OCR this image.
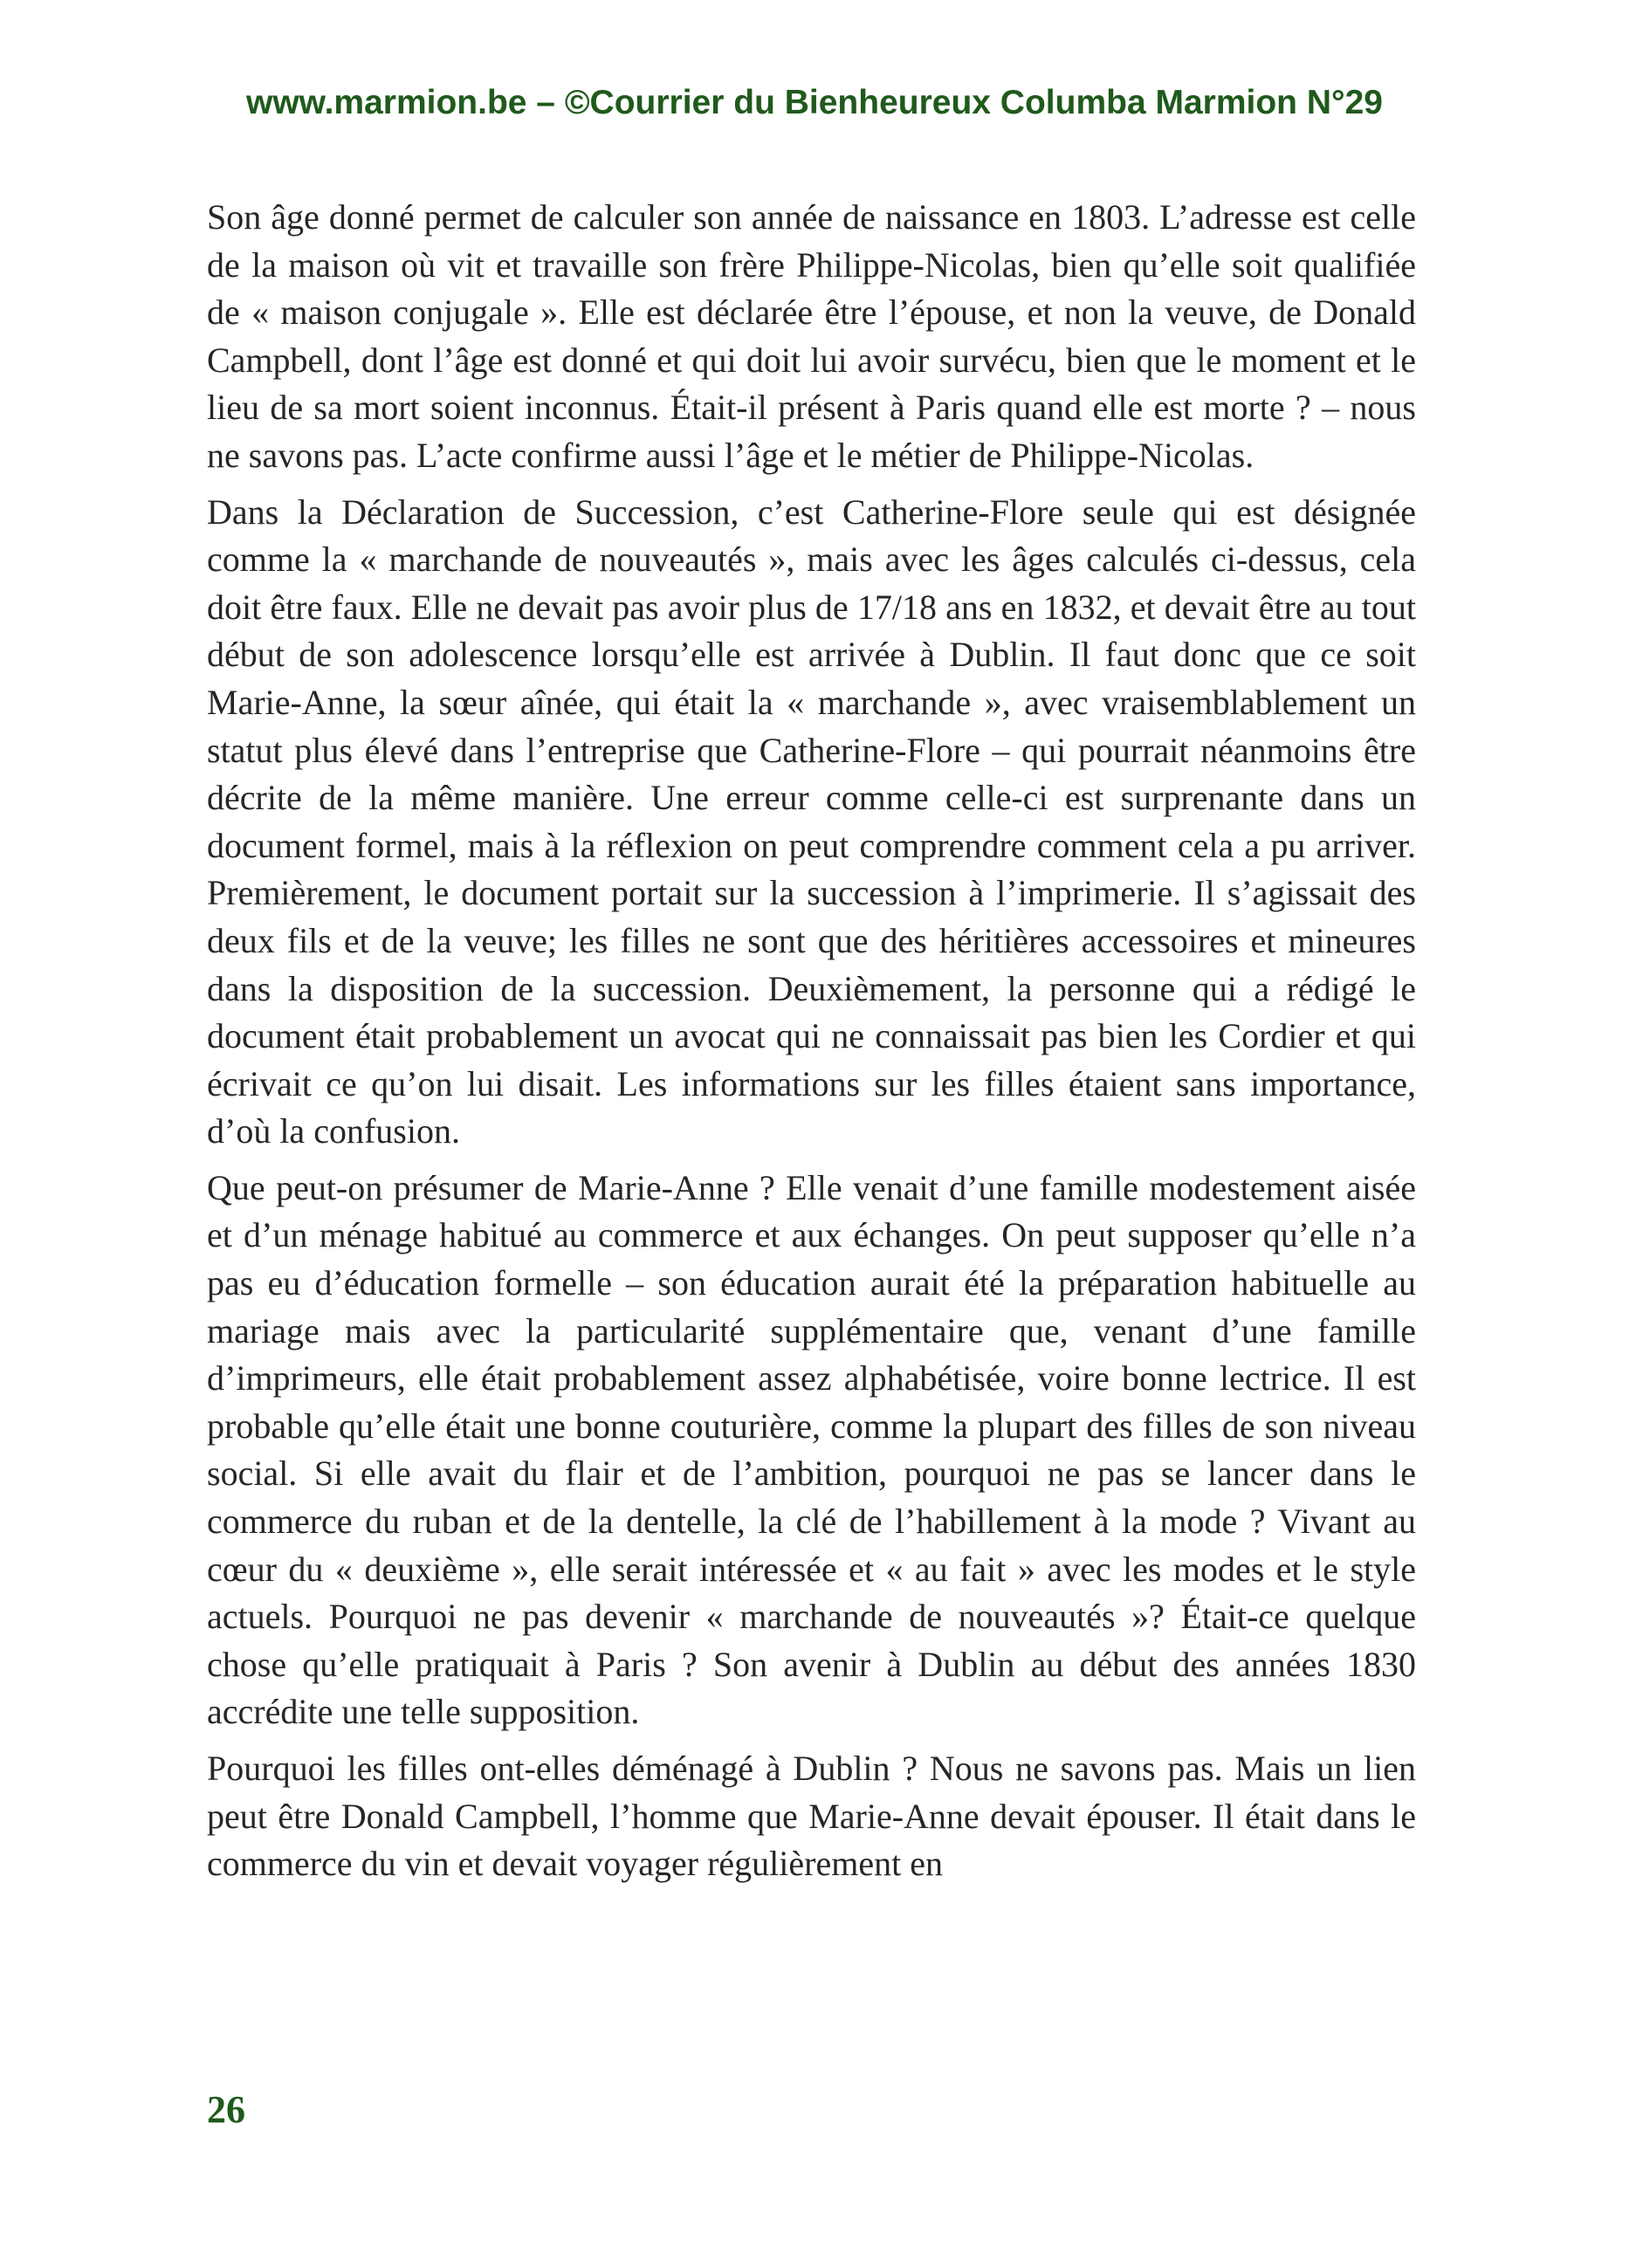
www.marmion.be – ©Courrier du Bienheureux Columba Marmion N°29

Son âge donné permet de calculer son année de naissance en 1803. L’adresse est celle de la maison où vit et travaille son frère Philippe-Nicolas, bien qu’elle soit qualifiée de « maison conjugale ». Elle est déclarée être l’épouse, et non la veuve, de Donald Campbell, dont l’âge est donné et qui doit lui avoir survécu, bien que le moment et le lieu de sa mort soient inconnus. Était-il présent à Paris quand elle est morte ? – nous ne savons pas. L’acte confirme aussi l’âge et le métier de Philippe-Nicolas.

Dans la Déclaration de Succession, c’est Catherine-Flore seule qui est désignée comme la « marchande de nouveautés », mais avec les âges calculés ci-dessus, cela doit être faux. Elle ne devait pas avoir plus de 17/18 ans en 1832, et devait être au tout début de son adolescence lorsqu’elle est arrivée à Dublin. Il faut donc que ce soit Marie-Anne, la sœur aînée, qui était la « marchande », avec vraisemblablement un statut plus élevé dans l’entreprise que Catherine-Flore – qui pourrait néanmoins être décrite de la même manière. Une erreur comme celle-ci est surprenante dans un document formel, mais à la réflexion on peut comprendre comment cela a pu arriver. Premièrement, le document portait sur la succession à l’imprimerie. Il s’agissait des deux fils et de la veuve; les filles ne sont que des héritières accessoires et mineures dans la disposition de la succession. Deuxièmement, la personne qui a rédigé le document était probablement un avocat qui ne connaissait pas bien les Cordier et qui écrivait ce qu’on lui disait. Les informations sur les filles étaient sans importance, d’où la confusion.

Que peut-on présumer de Marie-Anne ? Elle venait d’une famille modestement aisée et d’un ménage habitué au commerce et aux échanges. On peut supposer qu’elle n’a pas eu d’éducation formelle – son éducation aurait été la préparation habituelle au mariage mais avec la particularité supplémentaire que, venant d’une famille d’imprimeurs, elle était probablement assez alphabétisée, voire bonne lectrice. Il est probable qu’elle était une bonne couturière, comme la plupart des filles de son niveau social. Si elle avait du flair et de l’ambition, pourquoi ne pas se lancer dans le commerce du ruban et de la dentelle, la clé de l’habillement à la mode ? Vivant au cœur du « deuxième », elle serait intéressée et « au fait » avec les modes et le style actuels. Pourquoi ne pas devenir « marchande de nouveautés »? Était-ce quelque chose qu’elle pratiquait à Paris ? Son avenir à Dublin au début des années 1830 accrédite une telle supposition.

Pourquoi les filles ont-elles déménagé à Dublin ? Nous ne savons pas. Mais un lien peut être Donald Campbell, l’homme que Marie-Anne devait épouser. Il était dans le commerce du vin et devait voyager régulièrement en

26
